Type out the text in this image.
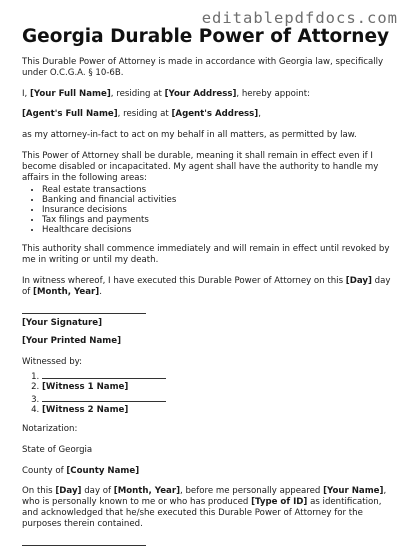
editablepdfdocs.com
Georgia Durable Power of Attorney

This Durable Power of Attorney is made in accordance with Georgia law, specifically under O.C.G.A. § 10-6B.

I, [Your Full Name], residing at [Your Address], hereby appoint:

[Agent's Full Name], residing at [Agent's Address],

as my attorney-in-fact to act on my behalf in all matters, as permitted by law.

This Power of Attorney shall be durable, meaning it shall remain in effect even if I become disabled or incapacitated. My agent shall have the authority to handle my affairs in the following areas:

• Real estate transactions
• Banking and financial activities
• Insurance decisions
• Tax filings and payments
• Healthcare decisions

This authority shall commence immediately and will remain in effect until revoked by me in writing or until my death.

In witness whereof, I have executed this Durable Power of Attorney on this [Day] day of [Month, Year].

[Your Signature]

[Your Printed Name]

Witnessed by:

1.
2. [Witness 1 Name]
3.
4. [Witness 2 Name]

Notarization:

State of Georgia

County of [County Name]

On this [Day] day of [Month, Year], before me personally appeared [Your Name], who is personally known to me or who has produced [Type of ID] as identification, and acknowledged that he/she executed this Durable Power of Attorney for the purposes therein contained.
